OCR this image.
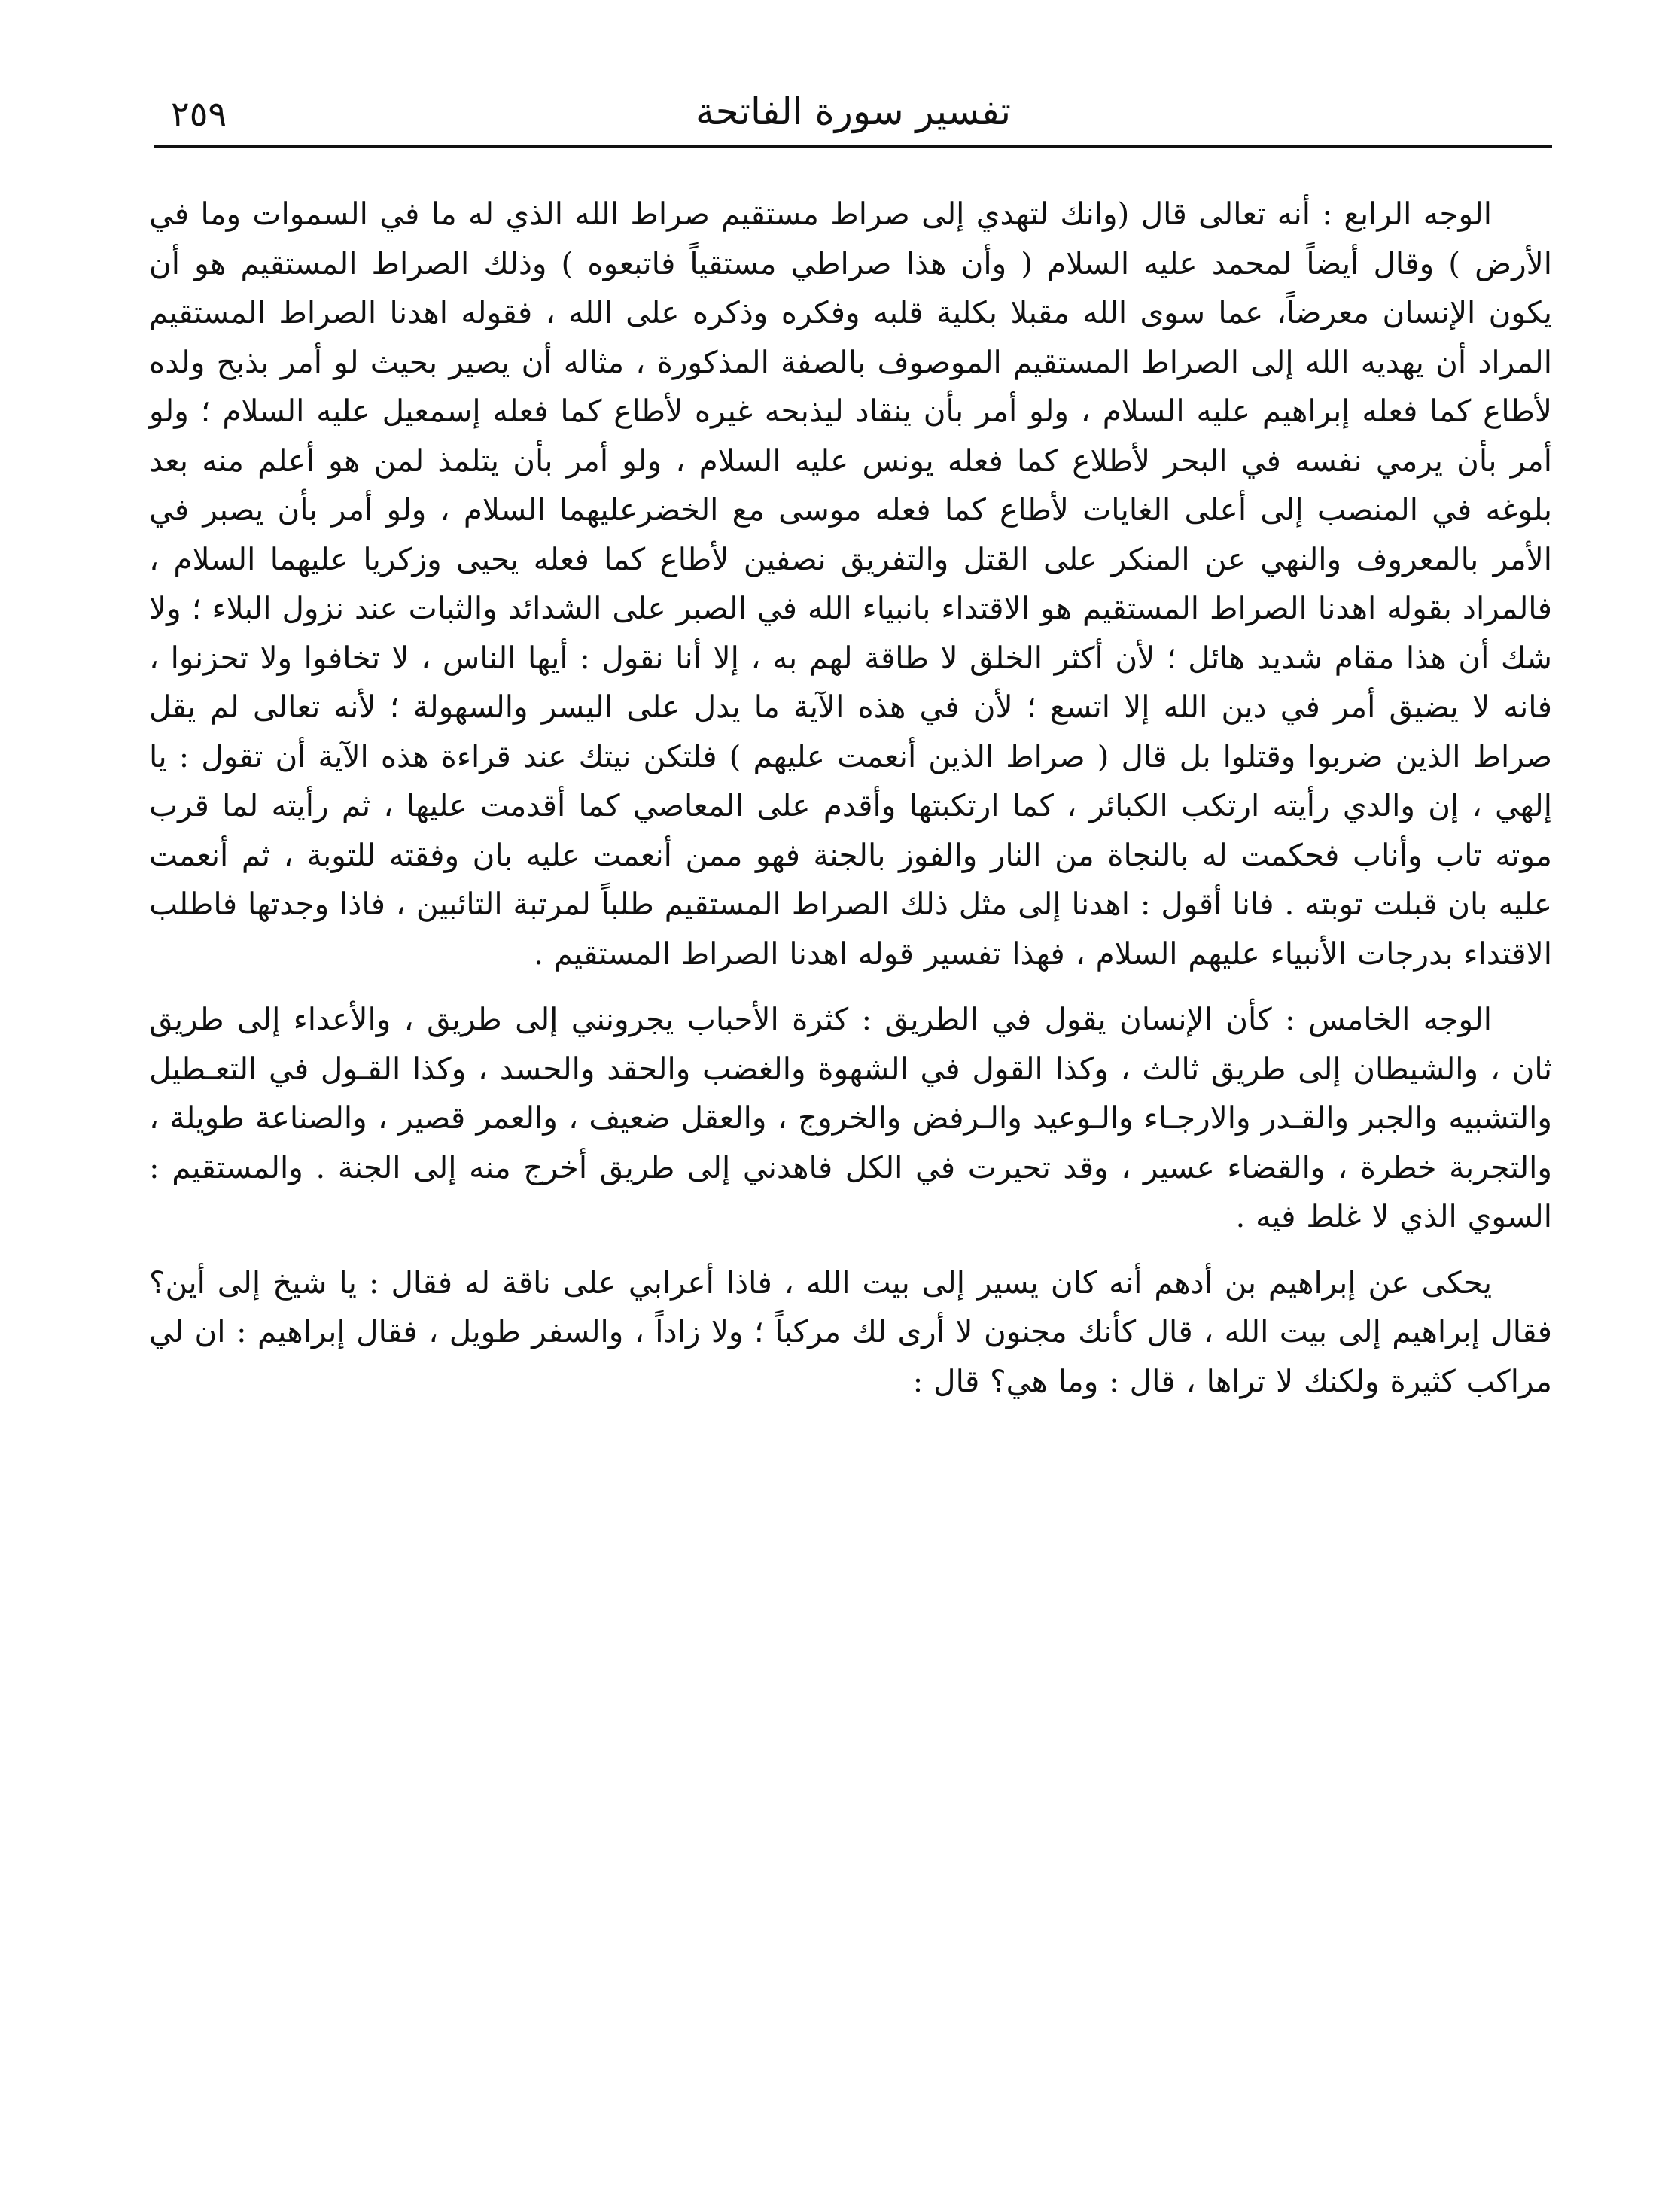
تفسير سورة الفاتحة
٢٥٩

الوجه الرابع : أنه تعالى قال (وانك لتهدي إلى صراط مستقيم صراط الله الذي له ما في السموات وما في الأرض ) وقال أيضاً لمحمد عليه السلام ( وأن هذا صراطي مستقياً فاتبعوه ) وذلك الصراط المستقيم هو أن يكون الإنسان معرضاً، عما سوى الله مقبلا بكلية قلبه وفكره وذكره على الله ، فقوله اهدنا الصراط المستقيم المراد أن يهديه الله إلى الصراط المستقيم الموصوف بالصفة المذكورة ، مثاله أن يصير بحيث لو أمر بذبح ولده لأطاع كما فعله إبراهيم عليه السلام ، ولو أمر بأن ينقاد ليذبحه غيره لأطاع كما فعله إسمعيل عليه السلام ؛ ولو أمر بأن يرمي نفسه في البحر لأطلاع كما فعله يونس عليه السلام ، ولو أمر بأن يتلمذ لمن هو أعلم منه بعد بلوغه في المنصب إلى أعلى الغايات لأطاع كما فعله موسى مع الخضرعليهما السلام ، ولو أمر بأن يصبر في الأمر بالمعروف والنهي عن المنكر على القتل والتفريق نصفين لأطاع كما فعله يحيى وزكريا عليهما السلام ، فالمراد بقوله اهدنا الصراط المستقيم هو الاقتداء بانبياء الله في الصبر على الشدائد والثبات عند نزول البلاء ؛ ولا شك أن هذا مقام شديد هائل ؛ لأن أكثر الخلق لا طاقة لهم به ، إلا أنا نقول : أيها الناس ، لا تخافوا ولا تحزنوا ، فانه لا يضيق أمر في دين الله إلا اتسع ؛ لأن في هذه الآية ما يدل على اليسر والسهولة ؛ لأنه تعالى لم يقل صراط الذين ضربوا وقتلوا بل قال ( صراط الذين أنعمت عليهم ) فلتكن نيتك عند قراءة هذه الآية أن تقول : يا إلهي ، إن والدي رأيته ارتكب الكبائر ، كما ارتكبتها وأقدم على المعاصي كما أقدمت عليها ، ثم رأيته لما قرب موته تاب وأناب فحكمت له بالنجاة من النار والفوز بالجنة فهو ممن أنعمت عليه بان وفقته للتوبة ، ثم أنعمت عليه بان قبلت توبته . فانا أقول : اهدنا إلى مثل ذلك الصراط المستقيم طلباً لمرتبة التائبين ، فاذا وجدتها فاطلب الاقتداء بدرجات الأنبياء عليهم السلام ، فهذا تفسير قوله اهدنا الصراط المستقيم .

الوجه الخامس : كأن الإنسان يقول في الطريق : كثرة الأحباب يجرونني إلى طريق ، والأعداء إلى طريق ثان ، والشيطان إلى طريق ثالث ، وكذا القول في الشهوة والغضب والحقد والحسد ، وكذا القـول في التعـطيل والتشبيه والجبر والقـدر والارجـاء والـوعيد والـرفض والخروج ، والعقل ضعيف ، والعمر قصير ، والصناعة طويلة ، والتجربة خطرة ، والقضاء عسير ، وقد تحيرت في الكل فاهدني إلى طريق أخرج منه إلى الجنة . والمستقيم : السوي الذي لا غلط فيه .

يحكى عن إبراهيم بن أدهم أنه كان يسير إلى بيت الله ، فاذا أعرابي على ناقة له فقال : يا شيخ إلى أين؟ فقال إبراهيم إلى بيت الله ، قال كأنك مجنون لا أرى لك مركباً ؛ ولا زاداً ، والسفر طويل ، فقال إبراهيم : ان لي مراكب كثيرة ولكنك لا تراها ، قال : وما هي؟ قال :
